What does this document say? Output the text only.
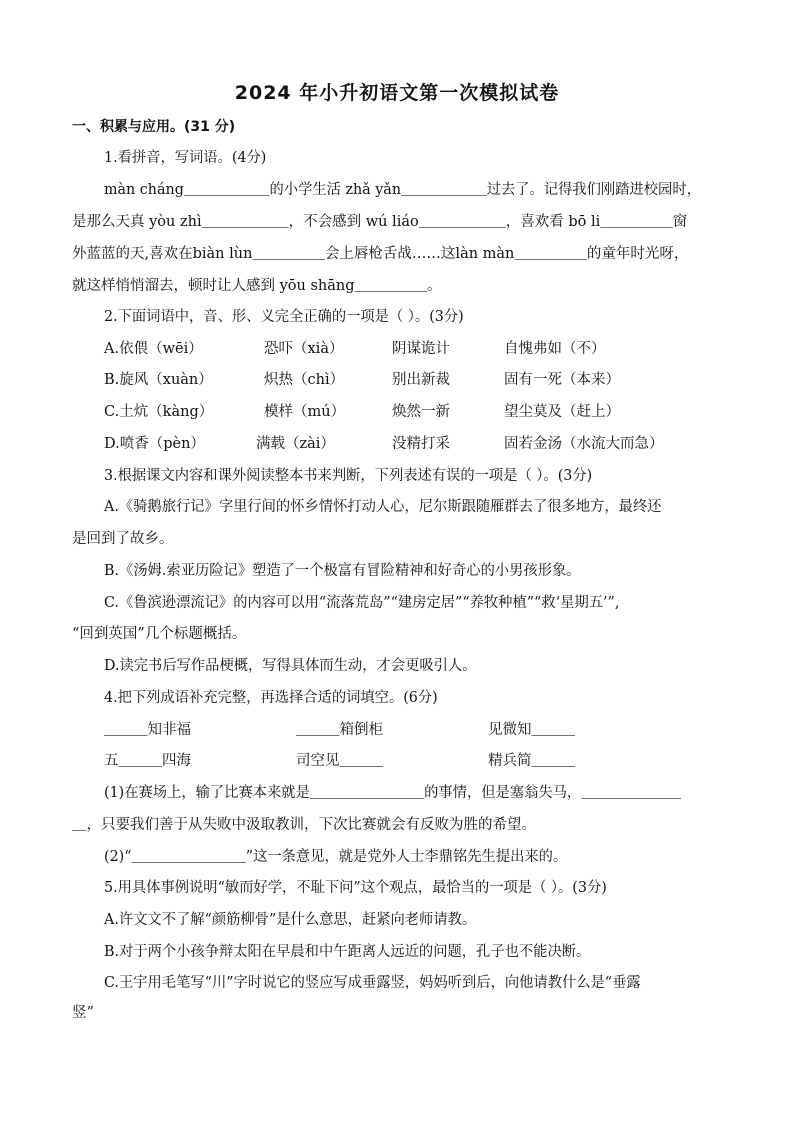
2024 年小升初语文第一次模拟试卷
一、积累与应用。(31 分)
1.看拼音，写词语。(4分)
màn cháng＿＿＿＿＿＿的小学生活 zhǎ yǎn＿＿＿＿＿＿过去了。记得我们刚踏进校园时，
是那么天真 yòu zhì＿＿＿＿＿＿，不会感到 wú liáo＿＿＿＿＿＿，喜欢看 bō li＿＿＿＿＿窗
外蓝蓝的天,喜欢在biàn lùn＿＿＿＿＿会上唇枪舌战……这làn màn＿＿＿＿＿的童年时光呀，
就这样悄悄溜去，顿时让人感到 yōu shāng＿＿＿＿＿。
2.下面词语中，音、形、义完全正确的一项是（ ）。(3分)
A.依偎（wēi）	恐吓（xià）	阴谋诡计	自愧弗如（不）
B.旋风（xuàn）	炽热（chì）	别出新裁	固有一死（本来）
C.土炕（kàng）	模样（mú）	焕然一新	望尘莫及（赶上）
D.喷香（pèn）	满载（zài）	没精打采	固若金汤（水流大而急）
3.根据课文内容和课外阅读整本书来判断，下列表述有误的一项是（ ）。(3分)
A.《骑鹅旅行记》字里行间的怀乡情怀打动人心，尼尔斯跟随雁群去了很多地方，最终还
是回到了故乡。
B.《汤姆.索亚历险记》塑造了一个极富有冒险精神和好奇心的小男孩形象。
C.《鲁滨逊漂流记》的内容可以用“流落荒岛”“建房定居”“养牧种植”“救‘星期五’”,
“回到英国”几个标题概括。
D.读完书后写作品梗概，写得具体而生动，才会更吸引人。
4.把下列成语补充完整，再选择合适的词填空。(6分)
＿＿＿知非福	＿＿＿箱倒柜	见微知＿＿＿
五＿＿＿四海	司空见＿＿＿	精兵简＿＿＿
(1)在赛场上，输了比赛本来就是＿＿＿＿＿＿＿＿的事情，但是塞翁失马，＿＿＿＿＿＿＿
＿，只要我们善于从失败中汲取教训，下次比赛就会有反败为胜的希望。
(2)“＿＿＿＿＿＿＿＿”这一条意见，就是党外人士李鼎铭先生提出来的。
5.用具体事例说明“敏而好学，不耻下问”这个观点，最恰当的一项是（ ）。(3分)
A.许文文不了解“颜筋柳骨”是什么意思，赶紧向老师请教。
B.对于两个小孩争辩太阳在早晨和中午距离人远近的问题，孔子也不能决断。
C.王宇用毛笔写“川”字时说它的竖应写成垂露竖，妈妈听到后，向他请教什么是“垂露
竖”
